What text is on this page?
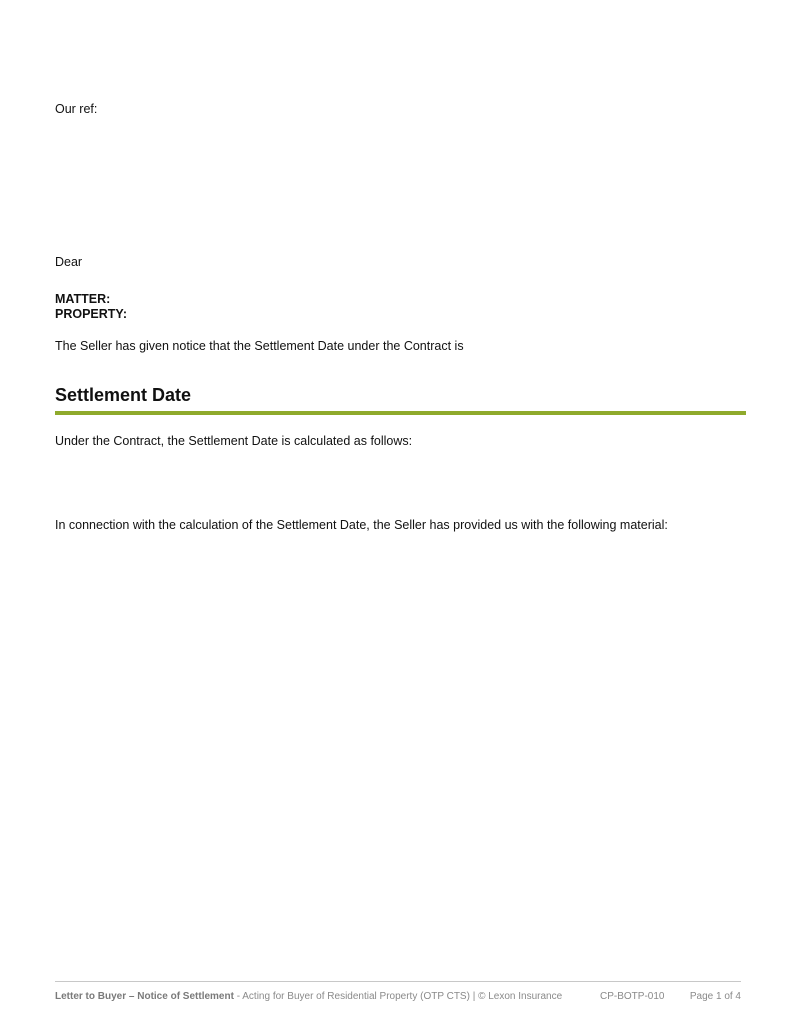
Our ref:
Dear
MATTER:
PROPERTY:
The Seller has given notice that the Settlement Date under the Contract is
Settlement Date
Under the Contract, the Settlement Date is calculated as follows:
In connection with the calculation of the Settlement Date, the Seller has provided us with the following material:
Letter to Buyer – Notice of Settlement - Acting for Buyer of Residential Property (OTP CTS) | © Lexon Insurance	CP-BOTP-010	Page 1 of 4
